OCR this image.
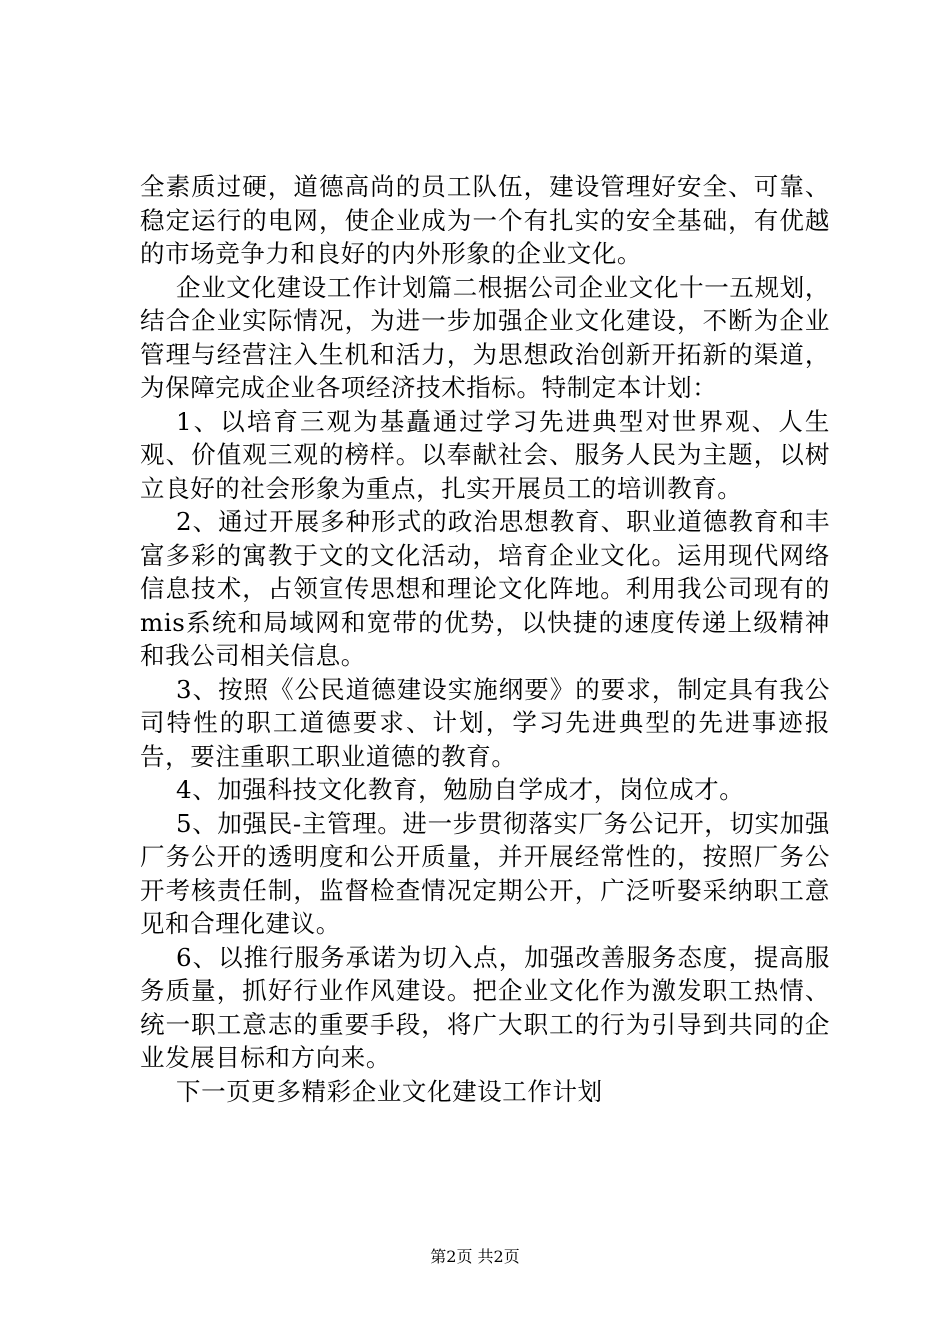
全素质过硬，道德高尚的员工队伍，建设管理好安全、可靠、稳定运行的电网，使企业成为一个有扎实的安全基础，有优越的市场竞争力和良好的内外形象的企业文化。

企业文化建设工作计划篇二根据公司企业文化十一五规划，结合企业实际情况，为进一步加强企业文化建设，不断为企业管理与经营注入生机和活力，为思想政治创新开拓新的渠道，为保障完成企业各项经济技术指标。特制定本计划：

1、以培育三观为基矗通过学习先进典型对世界观、人生观、价值观三观的榜样。以奉献社会、服务人民为主题，以树立良好的社会形象为重点，扎实开展员工的培训教育。

2、通过开展多种形式的政治思想教育、职业道德教育和丰富多彩的寓教于文的文化活动，培育企业文化。运用现代网络信息技术，占领宣传思想和理论文化阵地。利用我公司现有的mis系统和局域网和宽带的优势，以快捷的速度传递上级精神和我公司相关信息。

3、按照《公民道德建设实施纲要》的要求，制定具有我公司特性的职工道德要求、计划，学习先进典型的先进事迹报告，要注重职工职业道德的教育。

4、加强科技文化教育，勉励自学成才，岗位成才。

5、加强民-主管理。进一步贯彻落实厂务公记开，切实加强厂务公开的透明度和公开质量，并开展经常性的，按照厂务公开考核责任制，监督检查情况定期公开，广泛听娶采纳职工意见和合理化建议。

6、以推行服务承诺为切入点，加强改善服务态度，提高服务质量，抓好行业作风建设。把企业文化作为激发职工热情、统一职工意志的重要手段，将广大职工的行为引导到共同的企业发展目标和方向来。

下一页更多精彩企业文化建设工作计划

第2页 共2页
